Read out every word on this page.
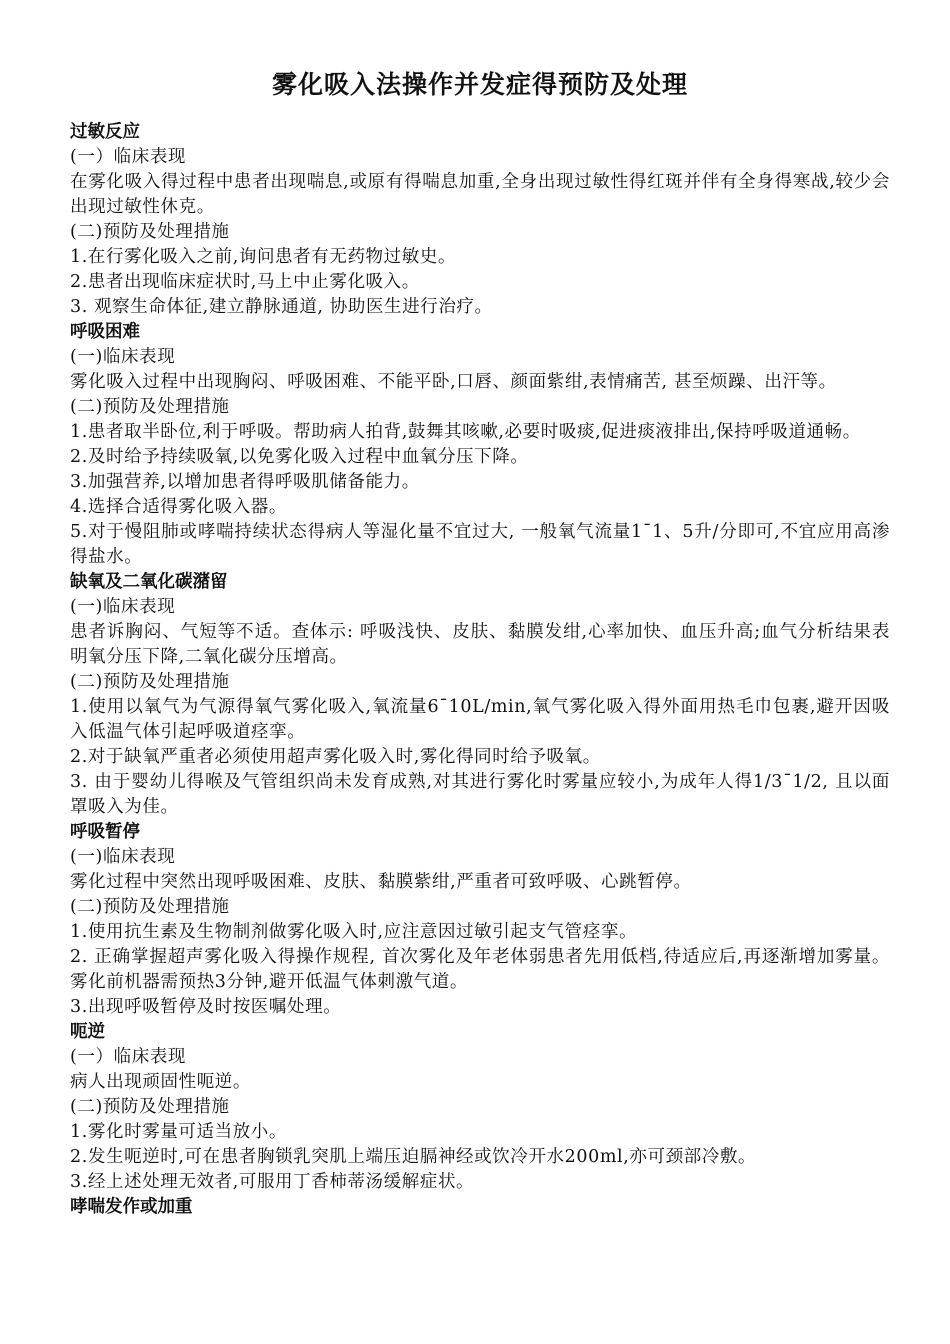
雾化吸入法操作并发症得预防及处理
过敏反应
(一）临床表现
在雾化吸入得过程中患者出现喘息,或原有得喘息加重,全身出现过敏性得红斑并伴有全身得寒战,较少会出现过敏性休克。
(二)预防及处理措施
1.在行雾化吸入之前,询问患者有无药物过敏史。
2.患者出现临床症状时,马上中止雾化吸入。
3. 观察生命体征,建立静脉通道, 协助医生进行治疗。
呼吸困难
(一)临床表现
雾化吸入过程中出现胸闷、呼吸困难、不能平卧,口唇、颜面紫绀,表情痛苦, 甚至烦躁、出汗等。
(二)预防及处理措施
1.患者取半卧位,利于呼吸。帮助病人拍背,鼓舞其咳嗽,必要时吸痰,促进痰液排出,保持呼吸道通畅。
2.及时给予持续吸氧,以免雾化吸入过程中血氧分压下降。
3.加强营养,以增加患者得呼吸肌储备能力。
4.选择合适得雾化吸入器。
5.对于慢阻肺或哮喘持续状态得病人等湿化量不宜过大, 一般氧气流量1¯1、5升/分即可,不宜应用高渗得盐水。
缺氧及二氧化碳潴留
(一)临床表现
患者诉胸闷、气短等不适。查体示: 呼吸浅快、皮肤、黏膜发绀,心率加快、血压升高;血气分析结果表明氧分压下降,二氧化碳分压增高。
(二)预防及处理措施
1.使用以氧气为气源得氧气雾化吸入,氧流量6¯10L/min,氧气雾化吸入得外面用热毛巾包裹,避开因吸入低温气体引起呼吸道痉挛。
2.对于缺氧严重者必须使用超声雾化吸入时,雾化得同时给予吸氧。
3. 由于婴幼儿得喉及气管组织尚未发育成熟,对其进行雾化时雾量应较小,为成年人得1/3¯1/2, 且以面罩吸入为佳。
呼吸暂停
(一)临床表现
雾化过程中突然出现呼吸困难、皮肤、黏膜紫绀,严重者可致呼吸、心跳暂停。
(二)预防及处理措施
1.使用抗生素及生物制剂做雾化吸入时,应注意因过敏引起支气管痉挛。
2. 正确掌握超声雾化吸入得操作规程, 首次雾化及年老体弱患者先用低档,待适应后,再逐渐增加雾量。雾化前机器需预热3分钟,避开低温气体刺激气道。
3.出现呼吸暂停及时按医嘱处理。
呃逆
(一）临床表现
病人出现顽固性呃逆。
(二)预防及处理措施
1.雾化时雾量可适当放小。
2.发生呃逆时,可在患者胸锁乳突肌上端压迫膈神经或饮冷开水200ml,亦可颈部冷敷。
3.经上述处理无效者,可服用丁香柿蒂汤缓解症状。
哮喘发作或加重
